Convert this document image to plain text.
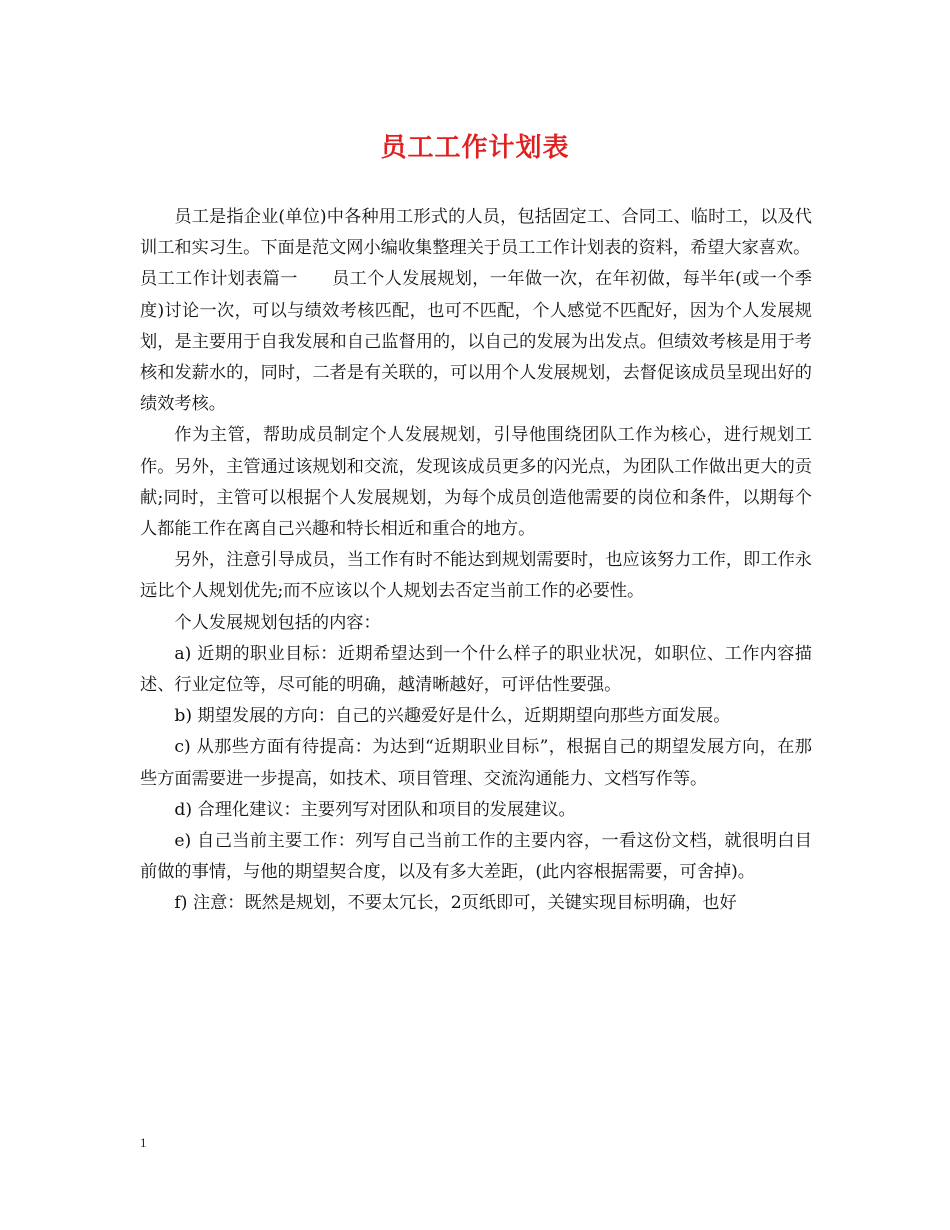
员工工作计划表

员工是指企业(单位)中各种用工形式的人员，包括固定工、合同工、临时工，以及代训工和实习生。下面是范文网小编收集整理关于员工工作计划表的资料，希望大家喜欢。

员工工作计划表篇一 员工个人发展规划，一年做一次，在年初做，每半年(或一个季度)讨论一次，可以与绩效考核匹配，也可不匹配，个人感觉不匹配好，因为个人发展规划，是主要用于自我发展和自己监督用的，以自己的发展为出发点。但绩效考核是用于考核和发薪水的，同时，二者是有关联的，可以用个人发展规划，去督促该成员呈现出好的绩效考核。

作为主管，帮助成员制定个人发展规划，引导他围绕团队工作为核心，进行规划工作。另外，主管通过该规划和交流，发现该成员更多的闪光点，为团队工作做出更大的贡献;同时，主管可以根据个人发展规划，为每个成员创造他需要的岗位和条件，以期每个人都能工作在离自己兴趣和特长相近和重合的地方。

另外，注意引导成员，当工作有时不能达到规划需要时，也应该努力工作，即工作永远比个人规划优先;而不应该以个人规划去否定当前工作的必要性。

个人发展规划包括的内容：

a) 近期的职业目标：近期希望达到一个什么样子的职业状况，如职位、工作内容描述、行业定位等，尽可能的明确，越清晰越好，可评估性要强。

b) 期望发展的方向：自己的兴趣爱好是什么，近期期望向那些方面发展。

c) 从那些方面有待提高：为达到“近期职业目标”，根据自己的期望发展方向，在那些方面需要进一步提高，如技术、项目管理、交流沟通能力、文档写作等。

d) 合理化建议：主要列写对团队和项目的发展建议。

e) 自己当前主要工作：列写自己当前工作的主要内容，一看这份文档，就很明白目前做的事情，与他的期望契合度，以及有多大差距，(此内容根据需要，可舍掉)。

f) 注意：既然是规划，不要太冗长，2页纸即可，关键实现目标明确，也好

1
